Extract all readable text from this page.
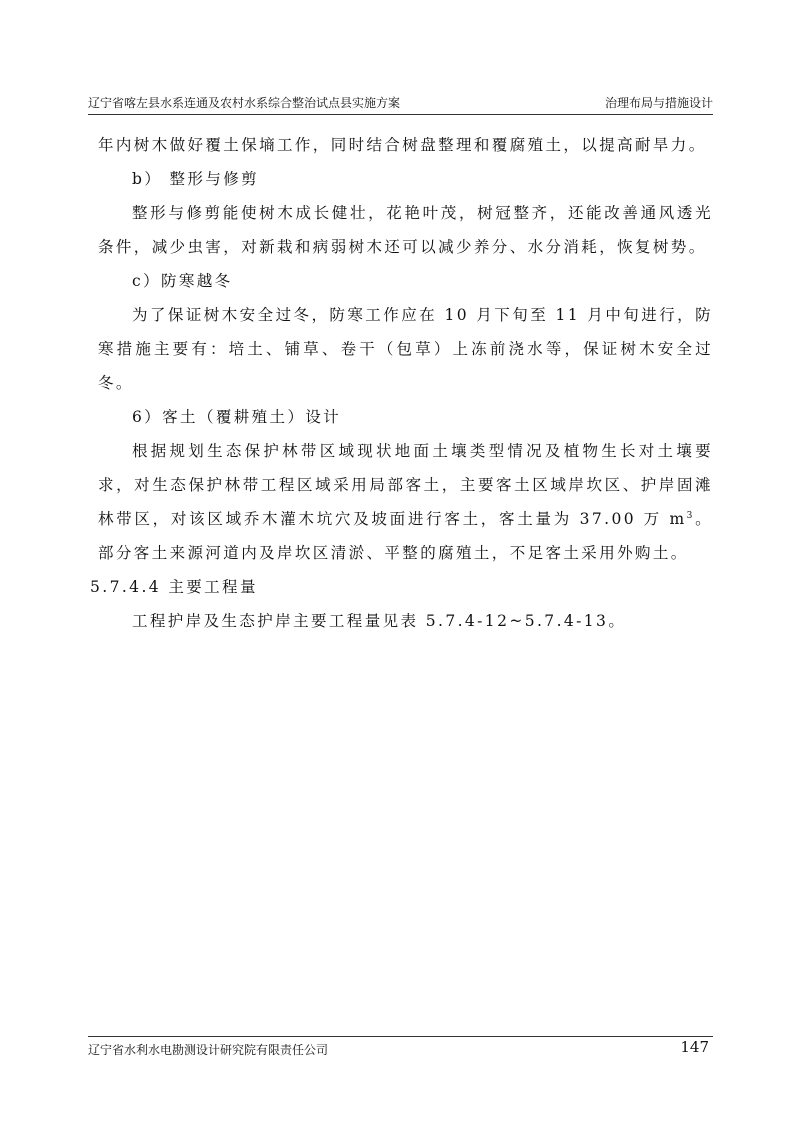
辽宁省喀左县水系连通及农村水系综合整治试点县实施方案	治理布局与措施设计

年内树木做好覆土保墒工作，同时结合树盘整理和覆腐殖土，以提高耐旱力。

b） 整形与修剪

整形与修剪能使树木成长健壮，花艳叶茂，树冠整齐，还能改善通风透光条件，减少虫害，对新栽和病弱树木还可以减少养分、水分消耗，恢复树势。

c）防寒越冬

为了保证树木安全过冬，防寒工作应在 10 月下旬至 11 月中旬进行，防寒措施主要有：培土、铺草、卷干（包草）上冻前浇水等，保证树木安全过冬。

6）客土（覆耕殖土）设计

根据规划生态保护林带区域现状地面土壤类型情况及植物生长对土壤要求，对生态保护林带工程区域采用局部客土，主要客土区域岸坎区、护岸固滩林带区，对该区域乔木灌木坑穴及坡面进行客土，客土量为 37.00 万 $m^3$。部分客土来源河道内及岸坎区清淤、平整的腐殖土，不足客土采用外购土。

5.7.4.4 主要工程量

工程护岸及生态护岸主要工程量见表 5.7.4-12~5.7.4-13。

辽宁省水利水电勘测设计研究院有限责任公司	147
